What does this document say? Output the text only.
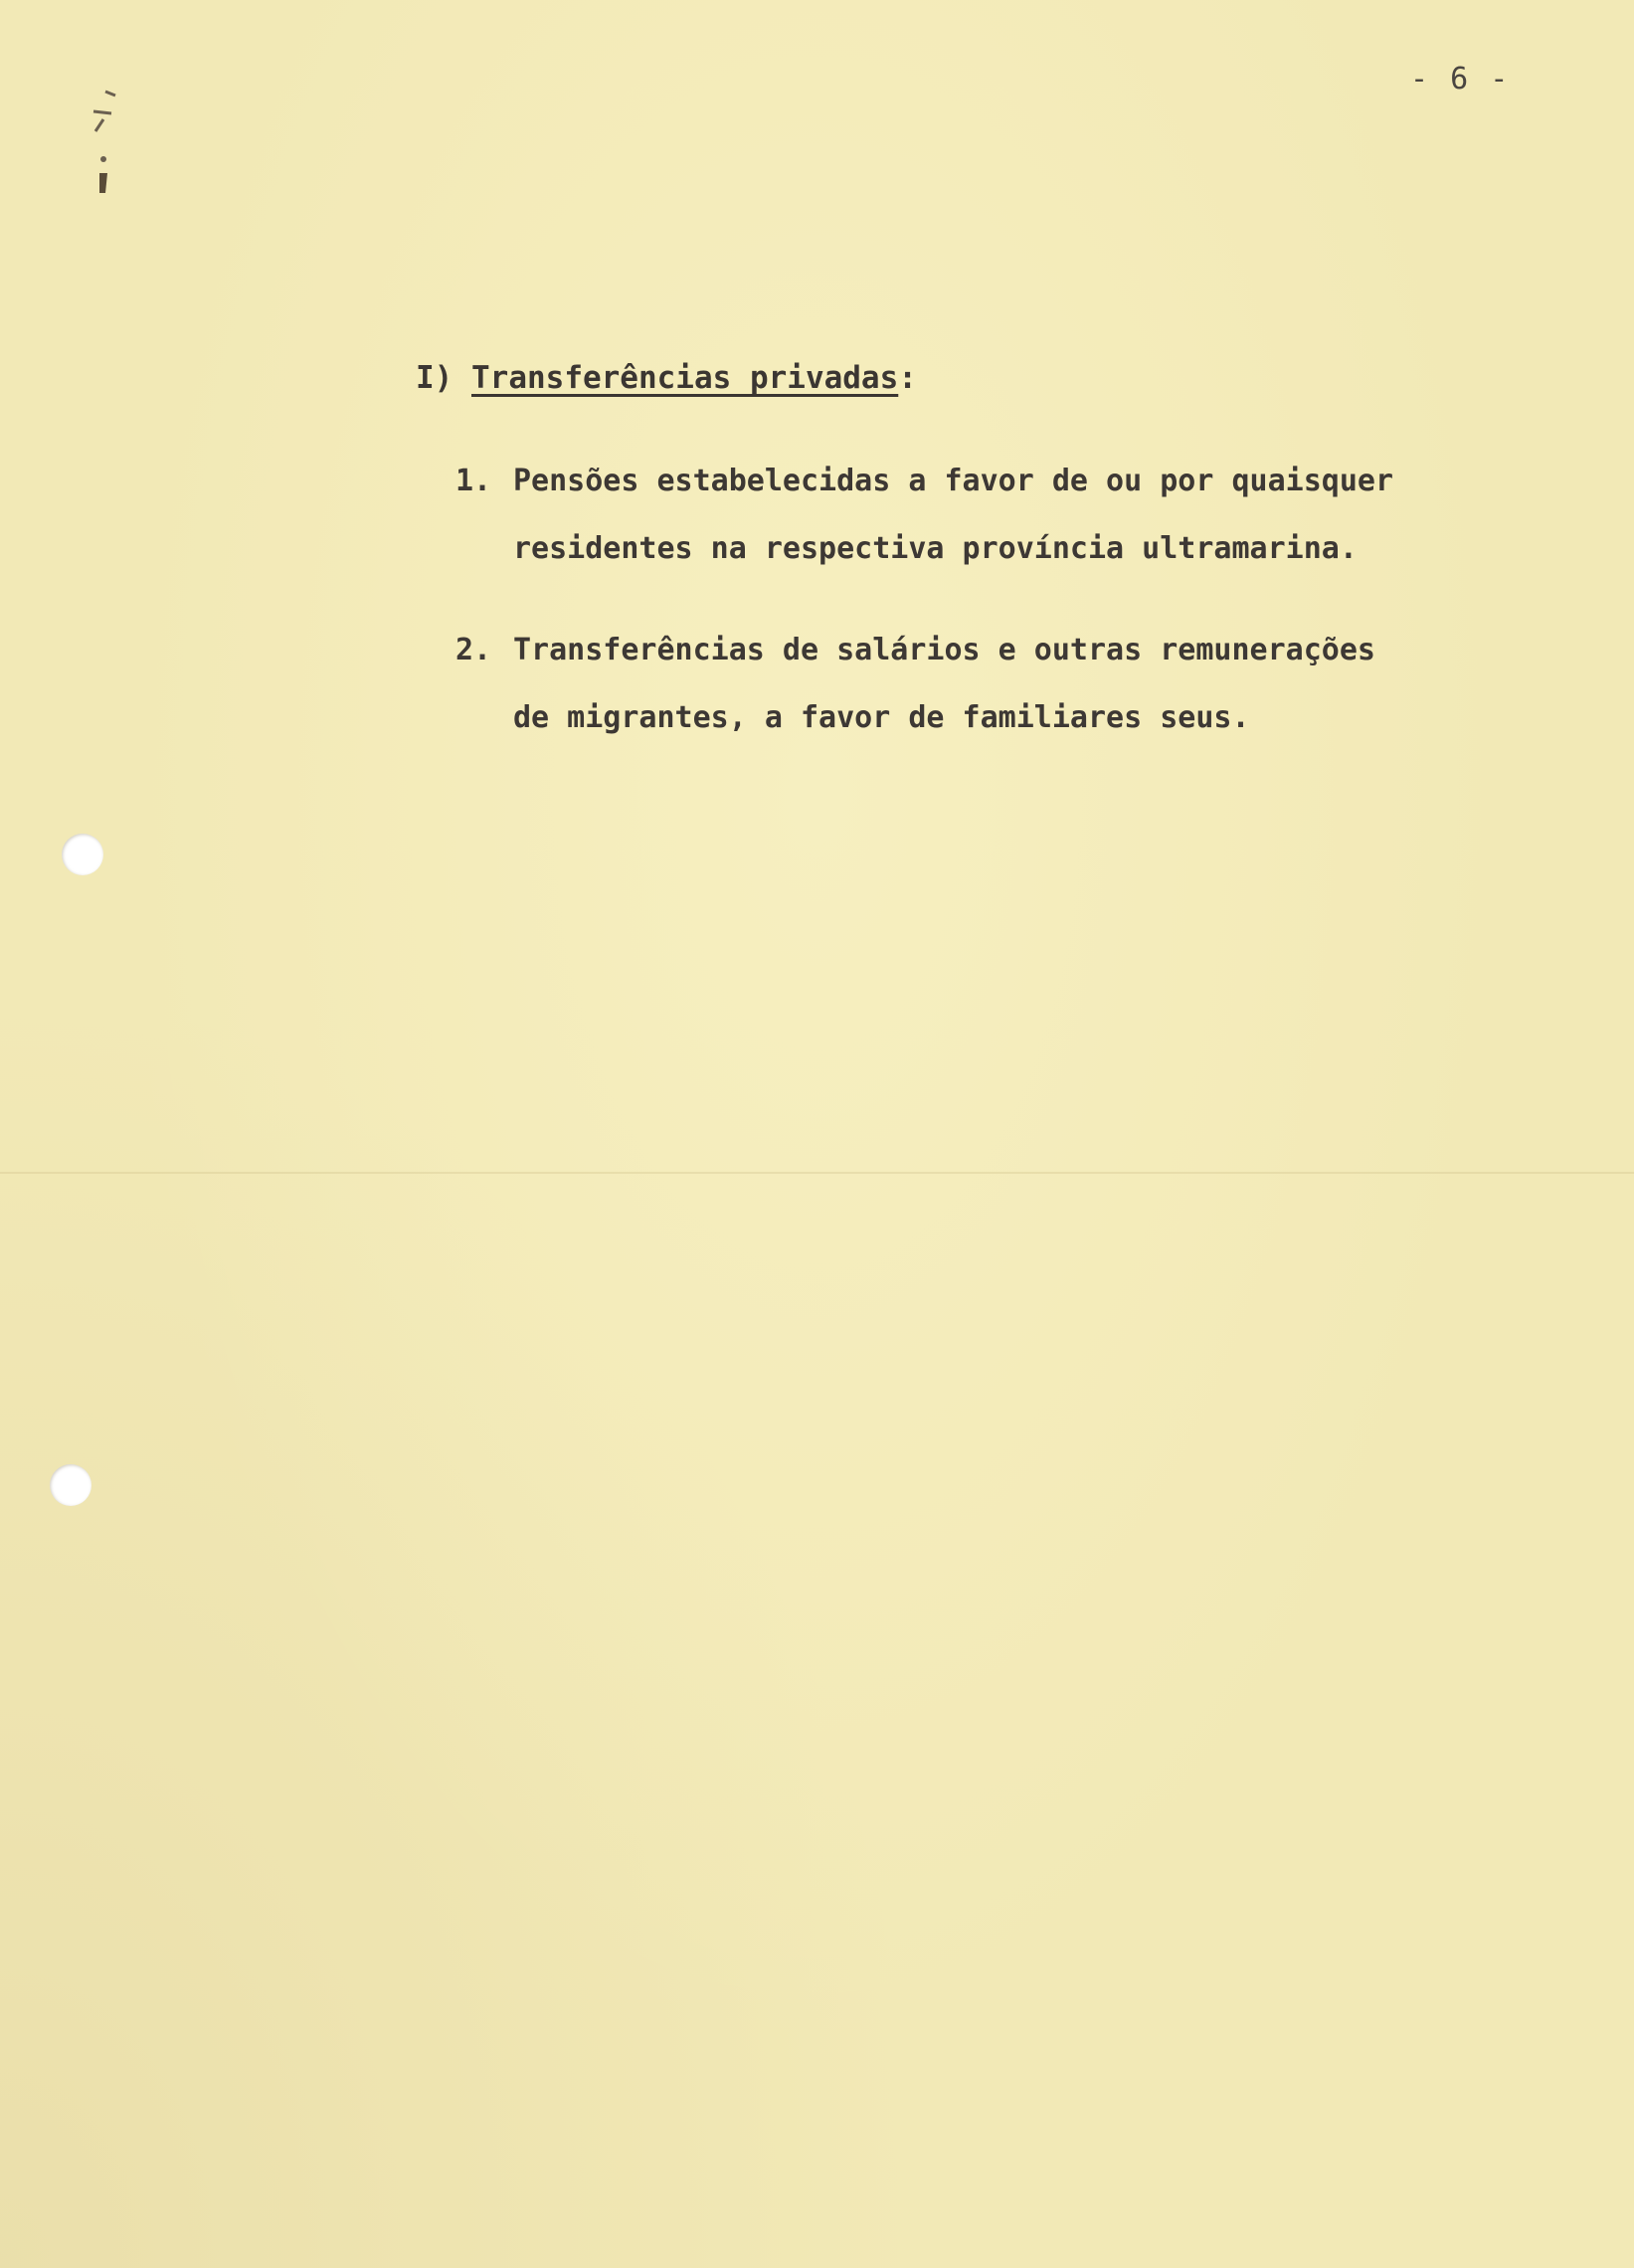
- 6 -
I) Transferências privadas:
1. Pensões estabelecidas a favor de ou por quaisquer
residentes na respectiva província ultramarina.
2. Transferências de salários e outras remunerações
de migrantes, a favor de familiares seus.
